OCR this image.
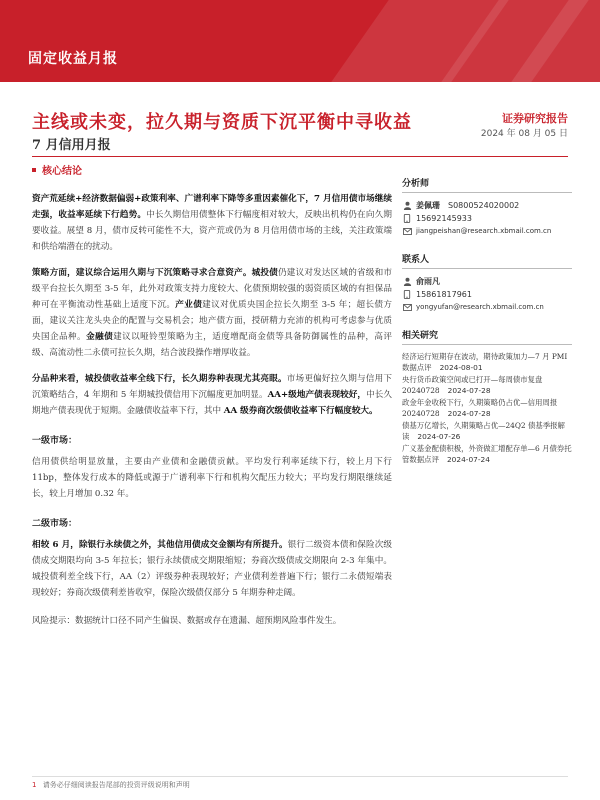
固定收益月报
主线或未变，拉久期与资质下沉平衡中寻收益
7 月信用月报
证券研究报告
2024 年 08 月 05 日
核心结论

资产荒延续+经济数据偏弱+政策利率、广谱利率下降等多重因素催化下，7 月信用债市场继续走强，收益率延续下行趋势。中长久期信用债整体下行幅度相对较大，反映出机构仍在向久期要收益。展望 8 月，债市反转可能性不大，资产荒或仍为 8 月信用债市场的主线，关注政策端和供给端潜在的扰动。

策略方面，建议综合运用久期与下沉策略寻求合意资产。城投债仍建议对发达区域的省级和市级平台拉长久期至 3-5 年，此外对政策支持力度较大、化债预期较强的弱资质区域的有担保品种可在平衡流动性基础上适度下沉。产业债建议对优质央国企拉长久期至 3-5 年；超长债方面，建议关注龙头央企的配置与交易机会；地产债方面，授研精力充沛的机构可考虑参与优质央国企品种。金融债建议以哑铃型策略为主，适度增配商金债等具备防御属性的品种，高评级、高流动性二永债可拉长久期，结合波段操作增厚收益。

分品种来看，城投债收益率全线下行，长久期券种表现尤其亮眼。市场更偏好拉久期与信用下沉策略结合，4 年期和 5 年期城投债信用下沉幅度更加明显。AA+级地产债表现较好，中长久期地产债表现优于短期。金融债收益率下行，其中 AA 级券商次级债收益率下行幅度较大。

一级市场：

信用债供给明显放量，主要由产业债和金融债贡献。平均发行利率延续下行，较上月下行 11bp，整体发行成本的降低或源于广谱利率下行和机构欠配压力较大；平均发行期限继续延长，较上月增加 0.32 年。

二级市场：

相较 6 月，除银行永续债之外，其他信用债成交金额均有所提升。银行二级资本债和保险次级债成交期限均向 3-5 年拉长；银行永续债成交期限缩短；券商次级债成交期限向 2-3 年集中。城投债利差全线下行，AA（2）评级券种表现较好；产业债利差普遍下行；银行二永债短端表现较好；券商次级债利差皆收窄，保险次级债仅部分 5 年期券种走阔。

风险提示：数据统计口径不同产生偏误、数据或存在遗漏、超预期风险事件发生。

分析师
姜佩珊 S0800524020002
15692145933
jiangpeishan@research.xbmail.com.cn
联系人
俞雨凡
15861817961
yongyufan@research.xbmail.com.cn
相关研究
经济运行短期存在波动，期待政策加力—7 月 PMI 数据点评 2024-08-01
央行货币政策空间或已打开—每周债市复盘 20240728 2024-07-28
政金年金收税下行，久期策略仍占优—信用周报 20240728 2024-07-28
债基万亿增长，久期策略占优—24Q2 债基季报解读 2024-07-26
广义基金配债积极，外资做汇增配存单—6 月债券托管数据点评 2024-07-24
1 请务必仔细阅读报告尾部的投资评级说明和声明
